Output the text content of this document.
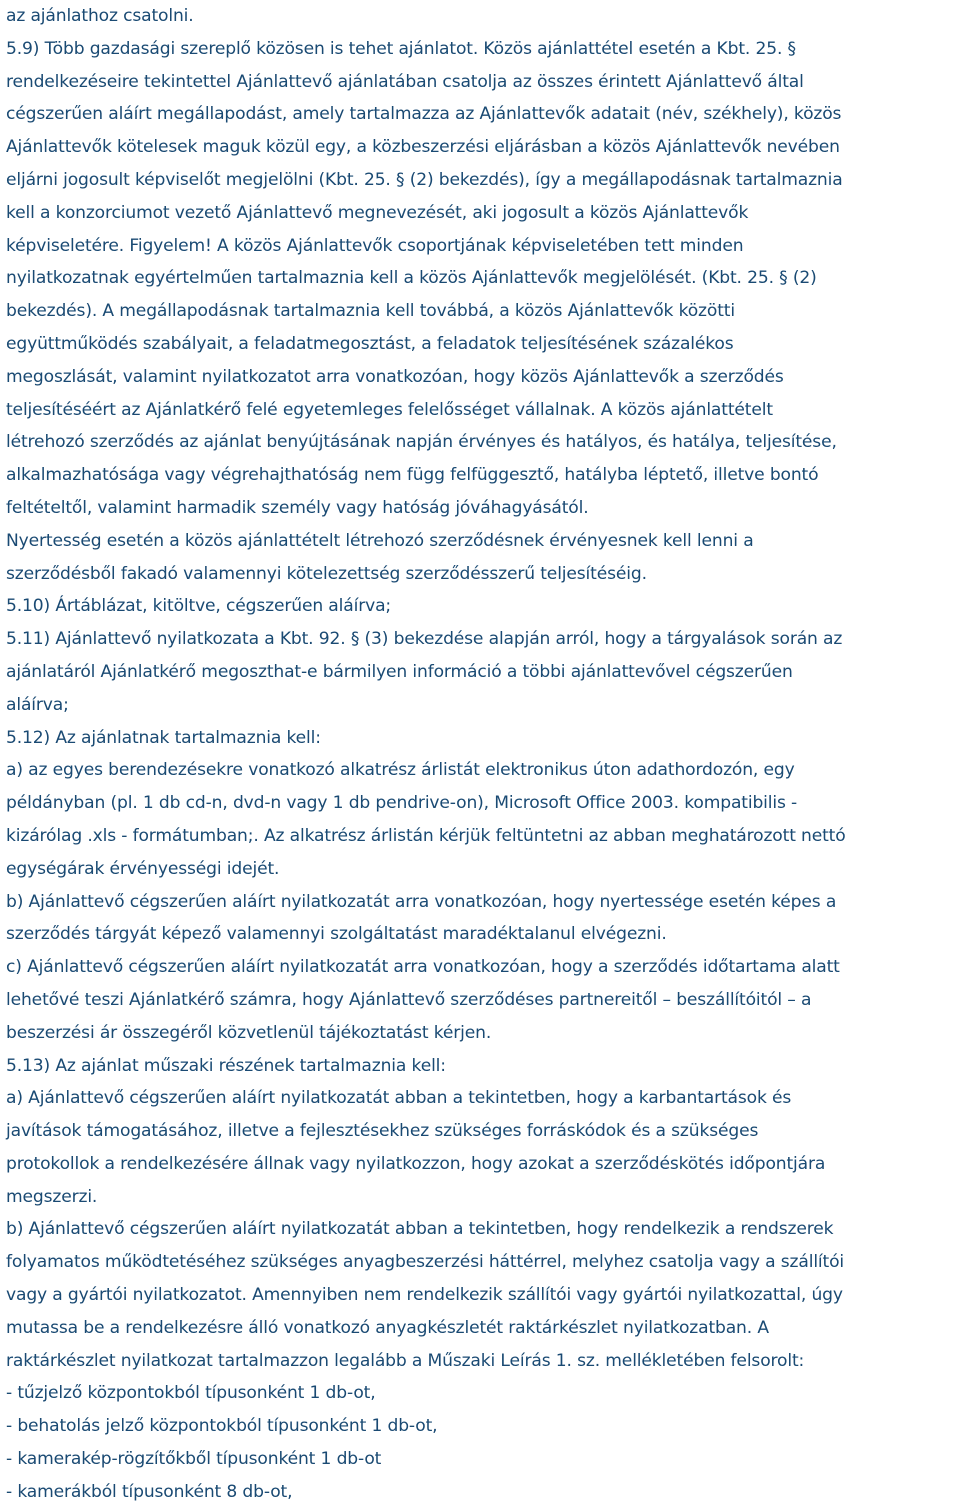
az ajánlathoz csatolni.
5.9) Több gazdasági szereplő közösen is tehet ajánlatot. Közös ajánlattétel esetén a Kbt. 25. §
rendelkezéseire tekintettel Ajánlattevő ajánlatában csatolja az összes érintett Ajánlattevő által
cégszerűen aláírt megállapodást, amely tartalmazza az Ajánlattevők adatait (név, székhely), közös
Ajánlattevők kötelesek maguk közül egy, a közbeszerzési eljárásban a közös Ajánlattevők nevében
eljárni jogosult képviselőt megjelölni (Kbt. 25. § (2) bekezdés), így a megállapodásnak tartalmaznia
kell a konzorciumot vezető Ajánlattevő megnevezését, aki jogosult a közös Ajánlattevők
képviseletére. Figyelem! A közös Ajánlattevők csoportjának képviseletében tett minden
nyilatkozatnak egyértelműen tartalmaznia kell a közös Ajánlattevők megjelölését. (Kbt. 25. § (2)
bekezdés). A megállapodásnak tartalmaznia kell továbbá, a közös Ajánlattevők közötti
együttműködés szabályait, a feladatmegosztást, a feladatok teljesítésének százalékos
megoszlását, valamint nyilatkozatot arra vonatkozóan, hogy közös Ajánlattevők a szerződés
teljesítéséért az Ajánlatkérő felé egyetemleges felelősséget vállalnak. A közös ajánlattételt
létrehozó szerződés az ajánlat benyújtásának napján érvényes és hatályos, és hatálya, teljesítése,
alkalmazhatósága vagy végrehajthatóság nem függ felfüggesztő, hatályba léptető, illetve bontó
feltételtől, valamint harmadik személy vagy hatóság jóváhagyásától.
Nyertesség esetén a közös ajánlattételt létrehozó szerződésnek érvényesnek kell lenni a
szerződésből fakadó valamennyi kötelezettség szerződésszerű teljesítéséig.
5.10) Ártáblázat, kitöltve, cégszerűen aláírva;
5.11) Ajánlattevő nyilatkozata a Kbt. 92. § (3) bekezdése alapján arról, hogy a tárgyalások során az
ajánlatáról Ajánlatkérő megoszthat-e bármilyen információ a többi ajánlattevővel cégszerűen
aláírva;
5.12) Az ajánlatnak tartalmaznia kell:
a) az egyes berendezésekre vonatkozó alkatrész árlistát elektronikus úton adathordozón, egy
példányban (pl. 1 db cd-n, dvd-n vagy 1 db pendrive-on), Microsoft Office 2003. kompatibilis -
kizárólag .xls - formátumban;. Az alkatrész árlistán kérjük feltüntetni az abban meghatározott nettó
egységárak érvényességi idejét.
b) Ajánlattevő cégszerűen aláírt nyilatkozatát arra vonatkozóan, hogy nyertessége esetén képes a
szerződés tárgyát képező valamennyi szolgáltatást maradéktalanul elvégezni.
c) Ajánlattevő cégszerűen aláírt nyilatkozatát arra vonatkozóan, hogy a szerződés időtartama alatt
lehetővé teszi Ajánlatkérő számra, hogy Ajánlattevő szerződéses partnereitől – beszállítóitól – a
beszerzési ár összegéről közvetlenül tájékoztatást kérjen.
5.13) Az ajánlat műszaki részének tartalmaznia kell:
a) Ajánlattevő cégszerűen aláírt nyilatkozatát abban a tekintetben, hogy a karbantartások és
javítások támogatásához, illetve a fejlesztésekhez szükséges forráskódok és a szükséges
protokollok a rendelkezésére állnak vagy nyilatkozzon, hogy azokat a szerződéskötés időpontjára
megszerzi.
b) Ajánlattevő cégszerűen aláírt nyilatkozatát abban a tekintetben, hogy rendelkezik a rendszerek
folyamatos működtetéséhez szükséges anyagbeszerzési háttérrel, melyhez csatolja vagy a szállítói
vagy a gyártói nyilatkozatot. Amennyiben nem rendelkezik szállítói vagy gyártói nyilatkozattal, úgy
mutassa be a rendelkezésre álló vonatkozó anyagkészletét raktárkészlet nyilatkozatban. A
raktárkészlet nyilatkozat tartalmazzon legalább a Műszaki Leírás 1. sz. mellékletében felsorolt:
- tűzjelző központokból típusonként 1 db-ot,
- behatolás jelző központokból típusonként 1 db-ot,
- kamerakép-rögzítőkből típusonként 1 db-ot
- kamerákból típusonként 8 db-ot,
